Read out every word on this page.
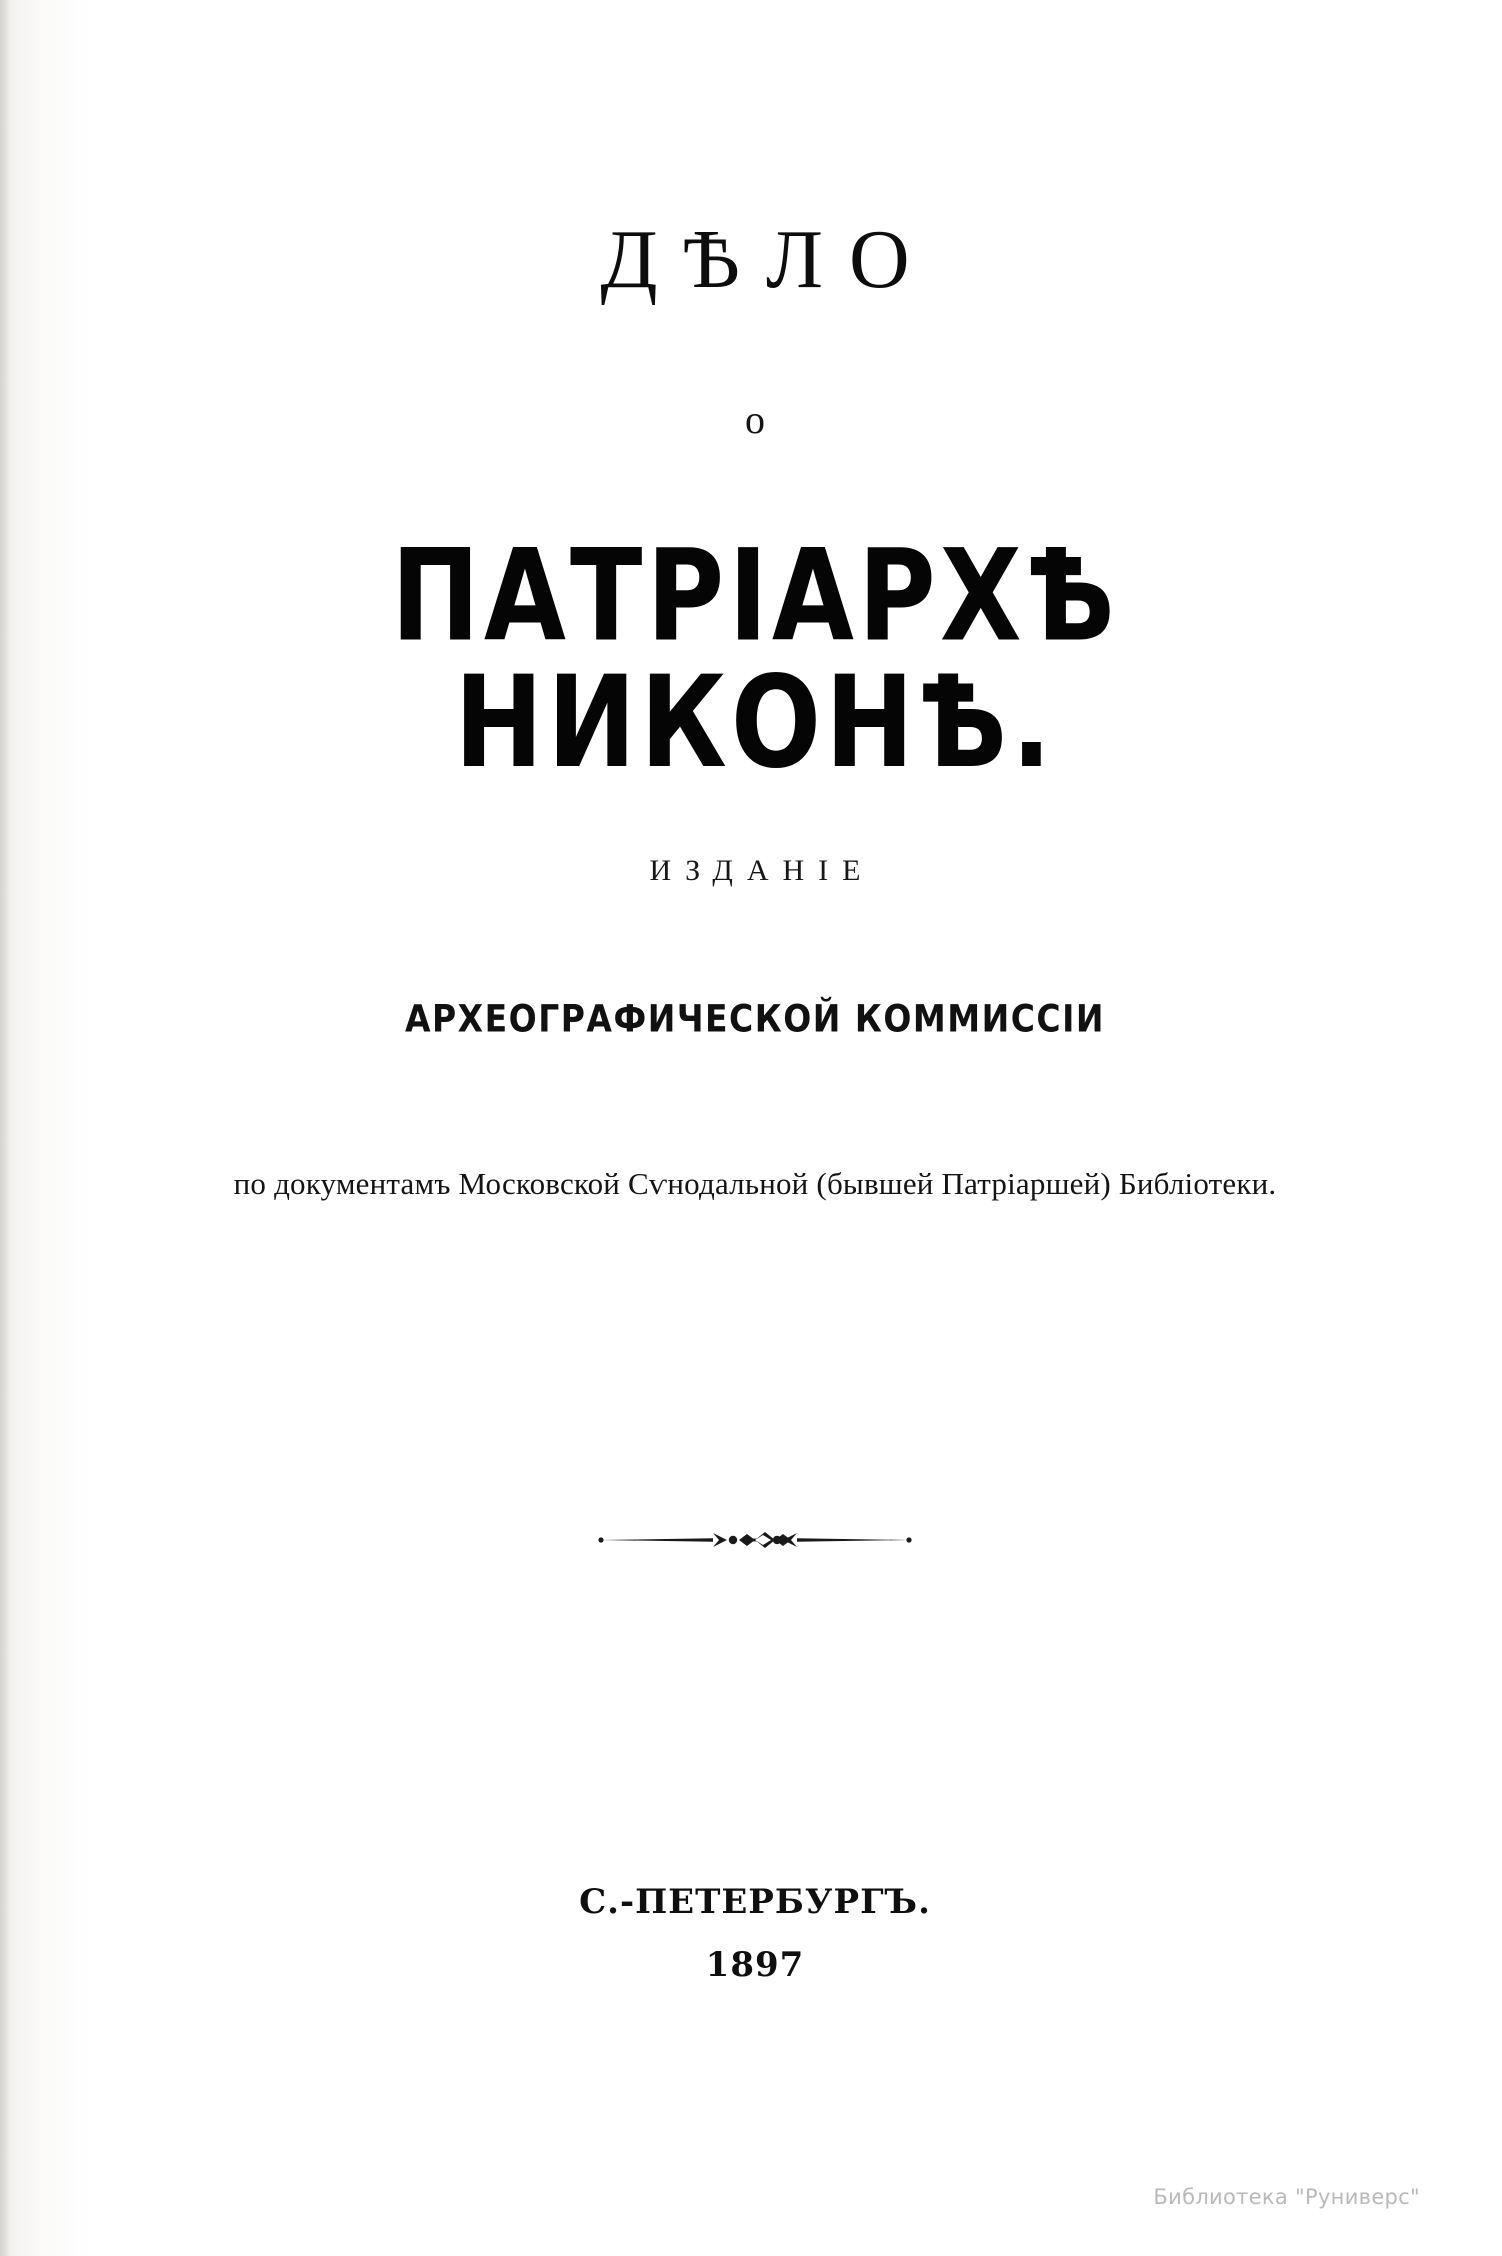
ДѢЛО
о
ПАТРІАРХѢ НИКОНѢ.
ИЗДАНІЕ
АРХЕОГРАФИЧЕСКОЙ КОММИССІИ
по документамъ Московской Сѵнодальной (бывшей Патріаршей) Библіотеки.
С.-ПЕТЕРБУРГЪ.
1897
Библиотека "Руниверс"
